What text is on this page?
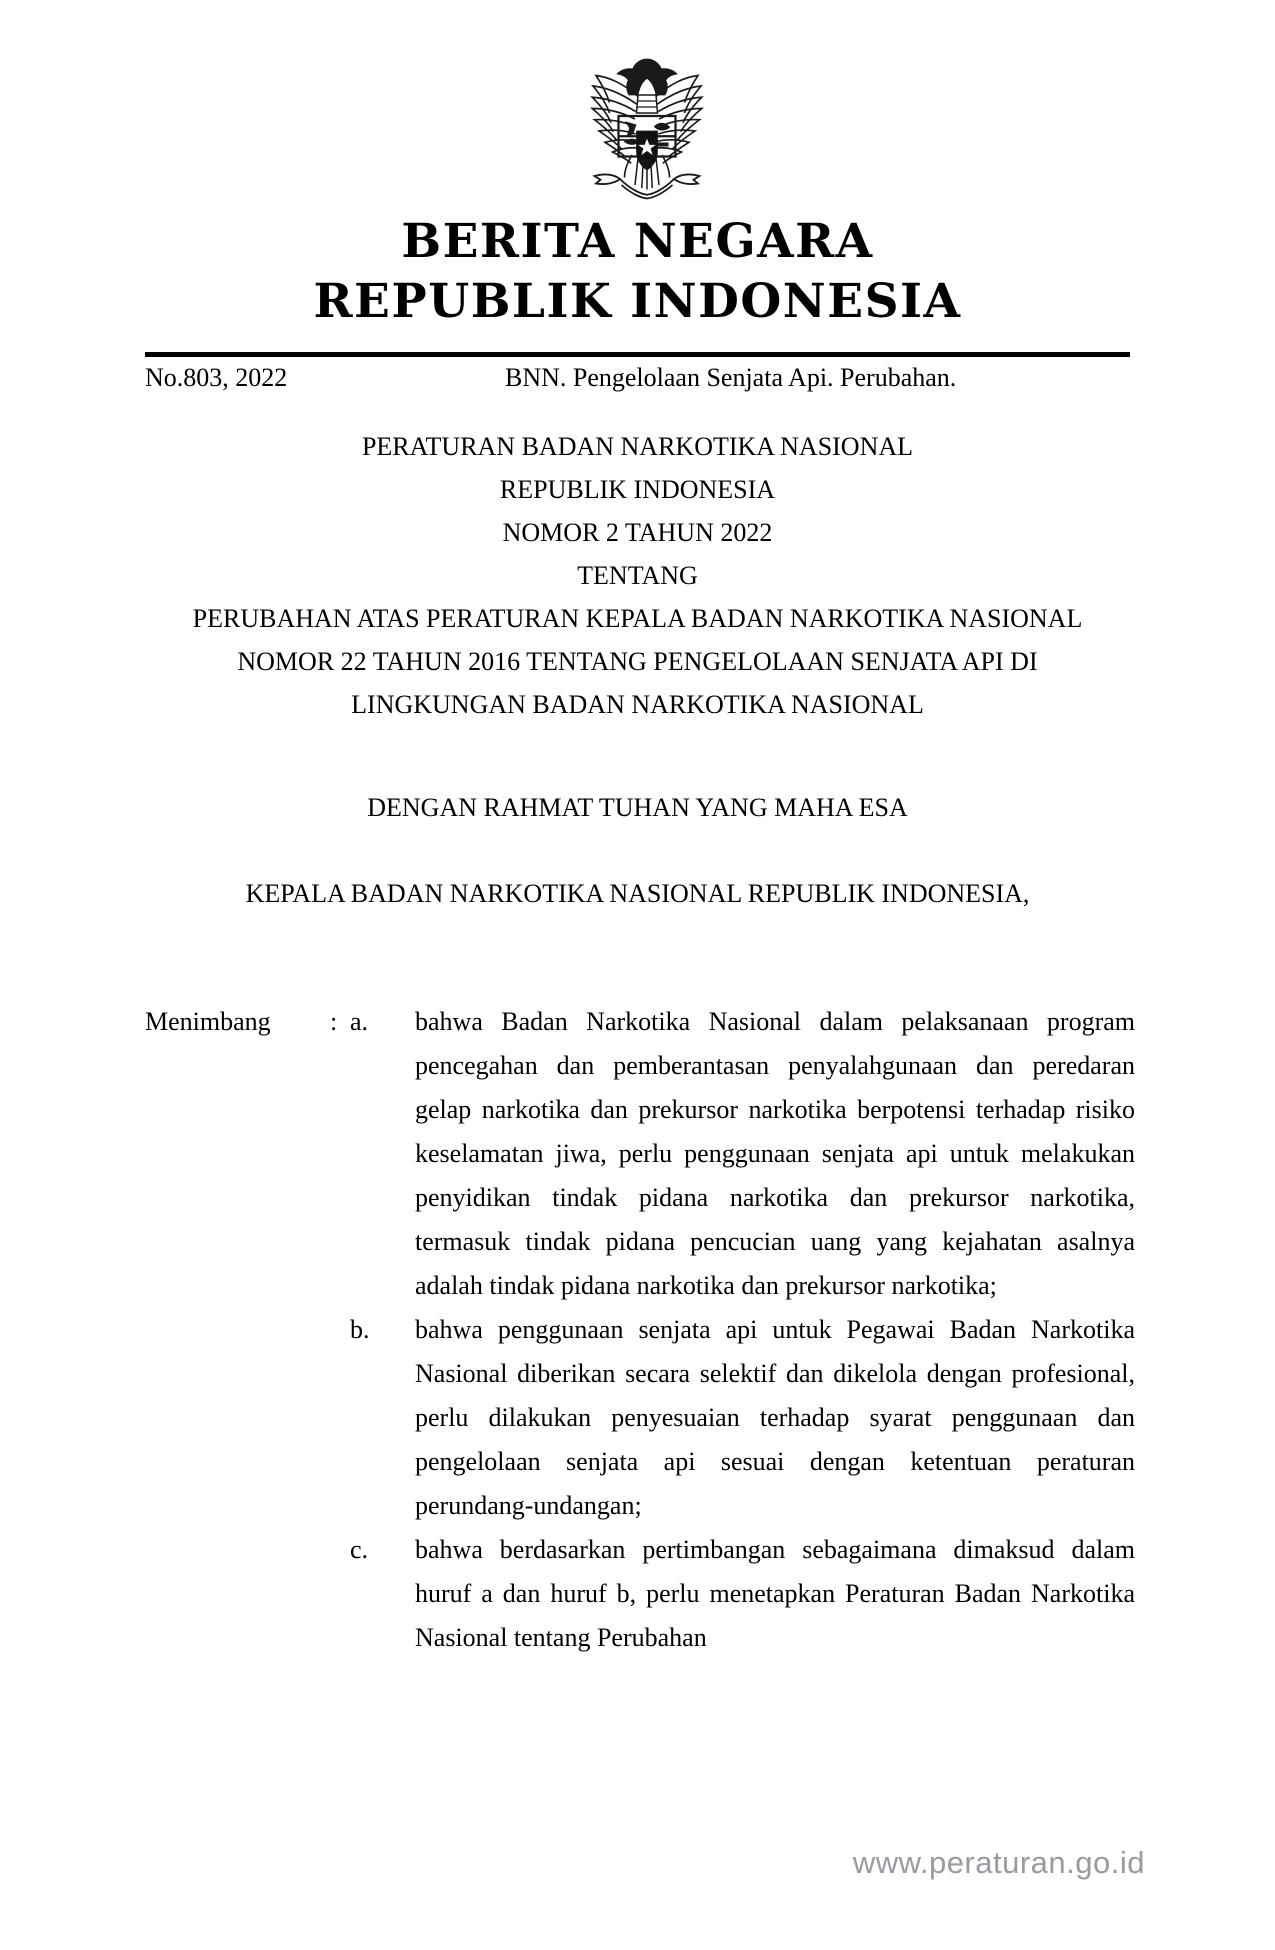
BERITA NEGARA
REPUBLIK INDONESIA
No.803, 2022	BNN. Pengelolaan Senjata Api. Perubahan.
PERATURAN BADAN NARKOTIKA NASIONAL
REPUBLIK INDONESIA
NOMOR 2 TAHUN 2022
TENTANG
PERUBAHAN ATAS PERATURAN KEPALA BADAN NARKOTIKA NASIONAL
NOMOR 22 TAHUN 2016 TENTANG PENGELOLAAN SENJATA API DI
LINGKUNGAN BADAN NARKOTIKA NASIONAL
DENGAN RAHMAT TUHAN YANG MAHA ESA
KEPALA BADAN NARKOTIKA NASIONAL REPUBLIK INDONESIA,
Menimbang	: a.	bahwa Badan Narkotika Nasional dalam pelaksanaan program pencegahan dan pemberantasan penyalahgunaan dan peredaran gelap narkotika dan prekursor narkotika berpotensi terhadap risiko keselamatan jiwa, perlu penggunaan senjata api untuk melakukan penyidikan tindak pidana narkotika dan prekursor narkotika, termasuk tindak pidana pencucian uang yang kejahatan asalnya adalah tindak pidana narkotika dan prekursor narkotika;
b.	bahwa penggunaan senjata api untuk Pegawai Badan Narkotika Nasional diberikan secara selektif dan dikelola dengan profesional, perlu dilakukan penyesuaian terhadap syarat penggunaan dan pengelolaan senjata api sesuai dengan ketentuan peraturan perundang-undangan;
c.	bahwa berdasarkan pertimbangan sebagaimana dimaksud dalam huruf a dan huruf b, perlu menetapkan Peraturan Badan Narkotika Nasional tentang Perubahan
www.peraturan.go.id
